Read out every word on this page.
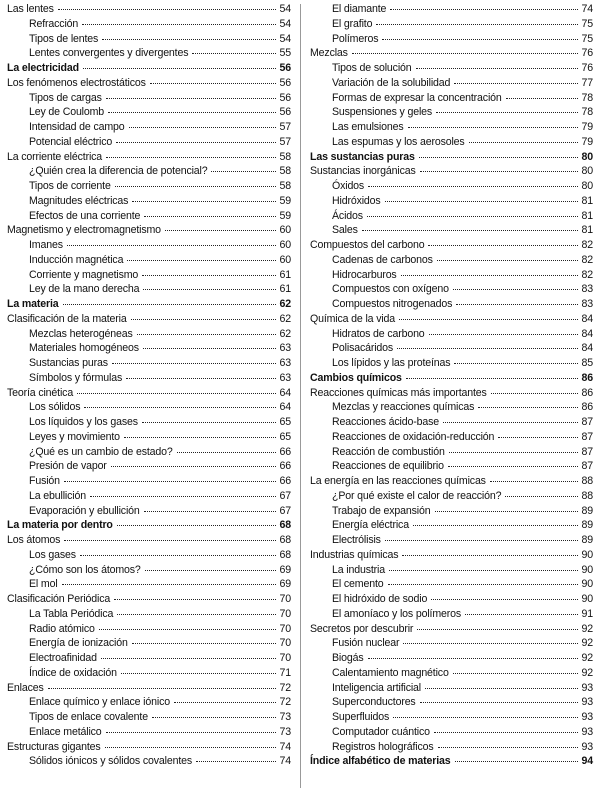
Las lentes	54
Refracción	54
Tipos de lentes	54
Lentes convergentes y divergentes	55
La electricidad	56
Los fenómenos electrostáticos	56
Tipos de cargas	56
Ley de Coulomb	56
Intensidad de campo	57
Potencial eléctrico	57
La corriente eléctrica	58
¿Quién crea la diferencia de potencial?	58
Tipos de corriente	58
Magnitudes eléctricas	59
Efectos de una corriente	59
Magnetismo y electromagnetismo	60
Imanes	60
Inducción magnética	60
Corriente y magnetismo	61
Ley de la mano derecha	61
La materia	62
Clasificación de la materia	62
Mezclas heterogéneas	62
Materiales homogéneos	63
Sustancias puras	63
Símbolos y fórmulas	63
Teoría cinética	64
Los sólidos	64
Los líquidos y los gases	65
Leyes y movimiento	65
¿Qué es un cambio de estado?	66
Presión de vapor	66
Fusión	66
La ebullición	67
Evaporación y ebullición	67
La materia por dentro	68
Los átomos	68
Los gases	68
¿Cómo son los átomos?	69
El mol	69
Clasificación Periódica	70
La Tabla Periódica	70
Radio atómico	70
Energía de ionización	70
Electroafinidad	70
Índice de oxidación	71
Enlaces	72
Enlace químico y enlace iónico	72
Tipos de enlace covalente	73
Enlace metálico	73
Estructuras gigantes	74
Sólidos iónicos y sólidos covalentes	74
El diamante	74
El grafito	75
Polímeros	75
Mezclas	76
Tipos de solución	76
Variación de la solubilidad	77
Formas de expresar la concentración	78
Suspensiones y geles	78
Las emulsiones	79
Las espumas y los aerosoles	79
Las sustancias puras	80
Sustancias inorgánicas	80
Óxidos	80
Hidróxidos	81
Ácidos	81
Sales	81
Compuestos del carbono	82
Cadenas de carbonos	82
Hidrocarburos	82
Compuestos con oxígeno	83
Compuestos nitrogenados	83
Química de la vida	84
Hidratos de carbono	84
Polisacáridos	84
Los lípidos y las proteínas	85
Cambios químicos	86
Reacciones químicas más importantes	86
Mezclas y reacciones químicas	86
Reacciones ácido-base	87
Reacciones de oxidación-reducción	87
Reacción de combustión	87
Reacciones de equilibrio	87
La energía en las reacciones químicas	88
¿Por qué existe el calor de reacción?	88
Trabajo de expansión	89
Energía eléctrica	89
Electrólisis	89
Industrias químicas	90
La industria	90
El cemento	90
El hidróxido de sodio	90
El amoníaco y los polímeros	91
Secretos por descubrir	92
Fusión nuclear	92
Biogás	92
Calentamiento magnético	92
Inteligencia artificial	93
Superconductores	93
Superfluidos	93
Computador cuántico	93
Registros holográficos	93
Índice alfabético de materias	94
